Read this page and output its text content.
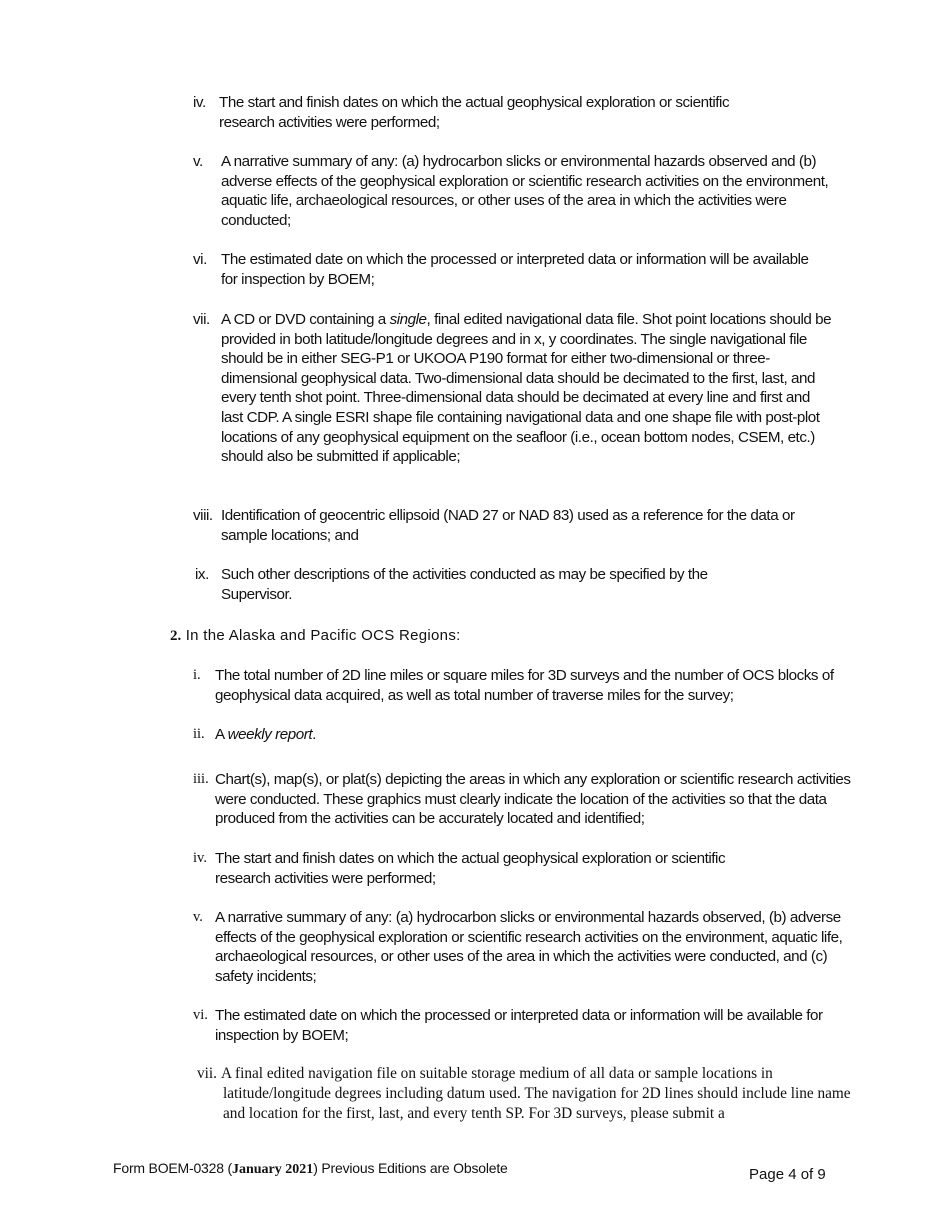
iv. The start and finish dates on which the actual geophysical exploration or scientific research activities were performed;
v. A narrative summary of any: (a) hydrocarbon slicks or environmental hazards observed and (b) adverse effects of the geophysical exploration or scientific research activities on the environment, aquatic life, archaeological resources, or other uses of the area in which the activities were conducted;
vi. The estimated date on which the processed or interpreted data or information will be available for inspection by BOEM;
vii. A CD or DVD containing a single, final edited navigational data file. Shot point locations should be provided in both latitude/longitude degrees and in x, y coordinates. The single navigational file should be in either SEG-P1 or UKOOA P190 format for either two-dimensional or three-dimensional geophysical data. Two-dimensional data should be decimated to the first, last, and every tenth shot point. Three-dimensional data should be decimated at every line and first and last CDP. A single ESRI shape file containing navigational data and one shape file with post-plot locations of any geophysical equipment on the seafloor (i.e., ocean bottom nodes, CSEM, etc.) should also be submitted if applicable;
viii. Identification of geocentric ellipsoid (NAD 27 or NAD 83) used as a reference for the data or sample locations; and
ix. Such other descriptions of the activities conducted as may be specified by the Supervisor.
2. In the Alaska and Pacific OCS Regions:
i. The total number of 2D line miles or square miles for 3D surveys and the number of OCS blocks of geophysical data acquired, as well as total number of traverse miles for the survey;
ii. A weekly report.
iii. Chart(s), map(s), or plat(s) depicting the areas in which any exploration or scientific research activities were conducted. These graphics must clearly indicate the location of the activities so that the data produced from the activities can be accurately located and identified;
iv. The start and finish dates on which the actual geophysical exploration or scientific research activities were performed;
v. A narrative summary of any: (a) hydrocarbon slicks or environmental hazards observed, (b) adverse effects of the geophysical exploration or scientific research activities on the environment, aquatic life, archaeological resources, or other uses of the area in which the activities were conducted, and (c) safety incidents;
vi. The estimated date on which the processed or interpreted data or information will be available for inspection by BOEM;
vii. A final edited navigation file on suitable storage medium of all data or sample locations in latitude/longitude degrees including datum used. The navigation for 2D lines should include line name and location for the first, last, and every tenth SP. For 3D surveys, please submit a
Form BOEM-0328 (January 2021) Previous Editions are Obsolete	Page 4 of 9
